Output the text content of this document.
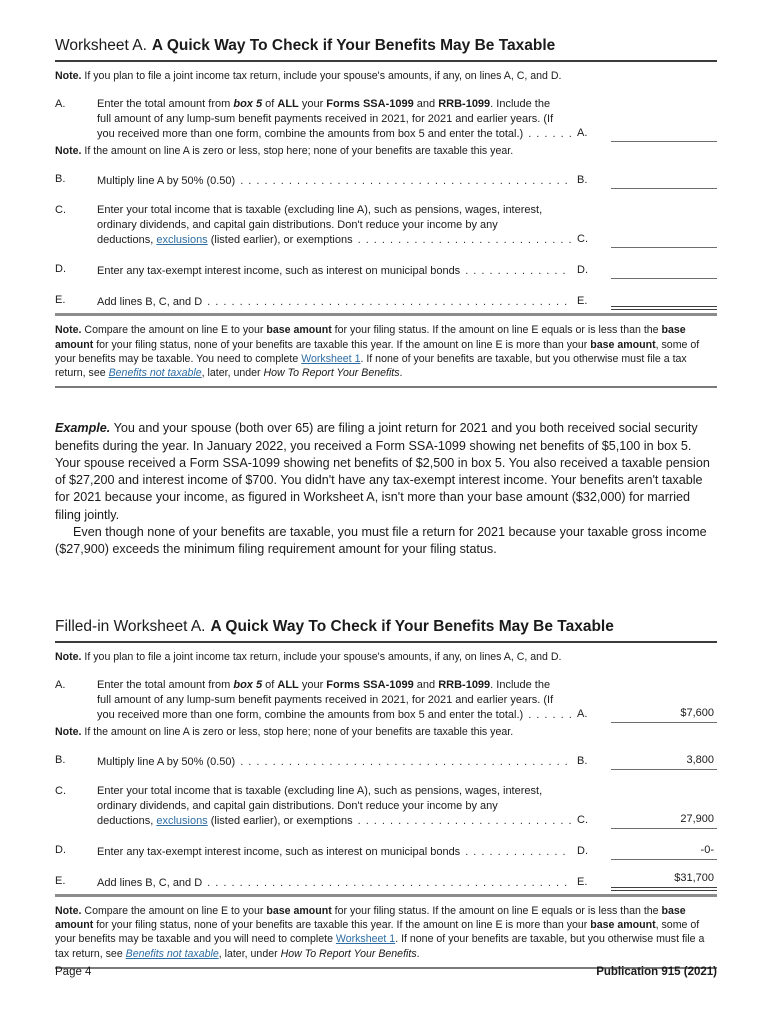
Worksheet A. A Quick Way To Check if Your Benefits May Be Taxable

Note. If you plan to file a joint income tax return, include your spouse's amounts, if any, on lines A, C, and D.

A.	Enter the total amount from box 5 of ALL your Forms SSA-1099 and RRB-1099. Include the
full amount of any lump-sum benefit payments received in 2021, for 2021 and earlier years. (If
you received more than one form, combine the amounts from box 5 and enter the total.) . . .	A.

Note. If the amount on line A is zero or less, stop here; none of your benefits are taxable this year.

B.	Multiply line A by 50% (0.50) . . .	B.
C.	Enter your total income that is taxable (excluding line A), such as pensions, wages, interest,
ordinary dividends, and capital gain distributions. Don't reduce your income by any
deductions, exclusions (listed earlier), or exemptions . . .	C.
D.	Enter any tax-exempt interest income, such as interest on municipal bonds . . .	D.
E.	Add lines B, C, and D . . .	E.

Note. Compare the amount on line E to your base amount for your filing status. If the amount on line E equals or is less than the base amount for your filing status, none of your benefits are taxable this year. If the amount on line E is more than your base amount, some of your benefits may be taxable. You need to complete Worksheet 1. If none of your benefits are taxable, but you otherwise must file a tax return, see Benefits not taxable, later, under How To Report Your Benefits.

Example. You and your spouse (both over 65) are filing a joint return for 2021 and you both received social security benefits during the year. In January 2022, you received a Form SSA-1099 showing net benefits of $5,100 in box 5. Your spouse received a Form SSA-1099 showing net benefits of $2,500 in box 5. You also received a taxable pension of $27,200 and interest income of $700. You didn't have any tax-exempt interest income. Your benefits aren't taxable for 2021 because your income, as figured in Worksheet A, isn't more than your base amount ($32,000) for married filing jointly.

Even though none of your benefits are taxable, you must file a return for 2021 because your taxable gross income ($27,900) exceeds the minimum filing requirement amount for your filing status.

Filled-in Worksheet A. A Quick Way To Check if Your Benefits May Be Taxable

Note. If you plan to file a joint income tax return, include your spouse's amounts, if any, on lines A, C, and D.

A.	Enter the total amount from box 5 of ALL your Forms SSA-1099 and RRB-1099. Include the
full amount of any lump-sum benefit payments received in 2021, for 2021 and earlier years. (If
you received more than one form, combine the amounts from box 5 and enter the total.) . . .	A.	$7,600

Note. If the amount on line A is zero or less, stop here; none of your benefits are taxable this year.

B.	Multiply line A by 50% (0.50) . . .	B.	3,800
C.	Enter your total income that is taxable (excluding line A), such as pensions, wages, interest,
ordinary dividends, and capital gain distributions. Don't reduce your income by any
deductions, exclusions (listed earlier), or exemptions . . .	C.	27,900
D.	Enter any tax-exempt interest income, such as interest on municipal bonds . . .	D.	-0-
E.	Add lines B, C, and D . . .	E.	$31,700

Note. Compare the amount on line E to your base amount for your filing status. If the amount on line E equals or is less than the base amount for your filing status, none of your benefits are taxable this year. If the amount on line E is more than your base amount, some of your benefits may be taxable and you will need to complete Worksheet 1. If none of your benefits are taxable, but you otherwise must file a tax return, see Benefits not taxable, later, under How To Report Your Benefits.

Page 4	Publication 915 (2021)
